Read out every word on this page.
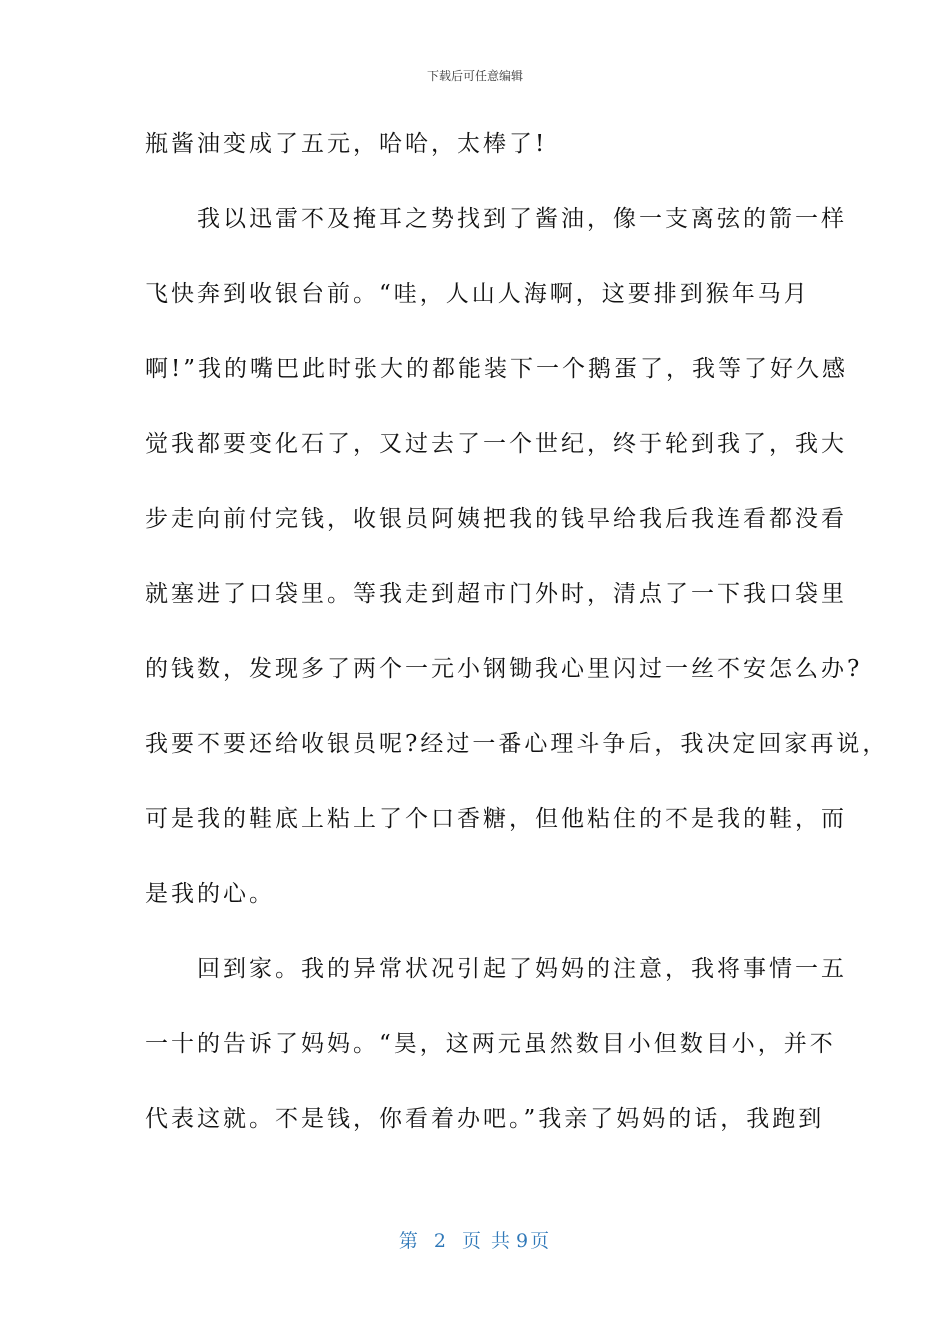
下载后可任意编辑
瓶酱油变成了五元，哈哈，太棒了!
　　我以迅雷不及掩耳之势找到了酱油，像一支离弦的箭一样
飞快奔到收银台前。“哇，人山人海啊，这要排到猴年马月
啊!”我的嘴巴此时张大的都能装下一个鹅蛋了，我等了好久感
觉我都要变化石了，又过去了一个世纪，终于轮到我了，我大
步走向前付完钱，收银员阿姨把我的钱早给我后我连看都没看
就塞进了口袋里。等我走到超市门外时，清点了一下我口袋里
的钱数，发现多了两个一元小钢锄我心里闪过一丝不安怎么办?
我要不要还给收银员呢?经过一番心理斗争后，我决定回家再说，
可是我的鞋底上粘上了个口香糖，但他粘住的不是我的鞋，而
是我的心。
　　回到家。我的异常状况引起了妈妈的注意，我将事情一五
一十的告诉了妈妈。“昊，这两元虽然数目小但数目小，并不
代表这就。不是钱，你看着办吧。”我亲了妈妈的话，我跑到
第 2 页 共 9页
